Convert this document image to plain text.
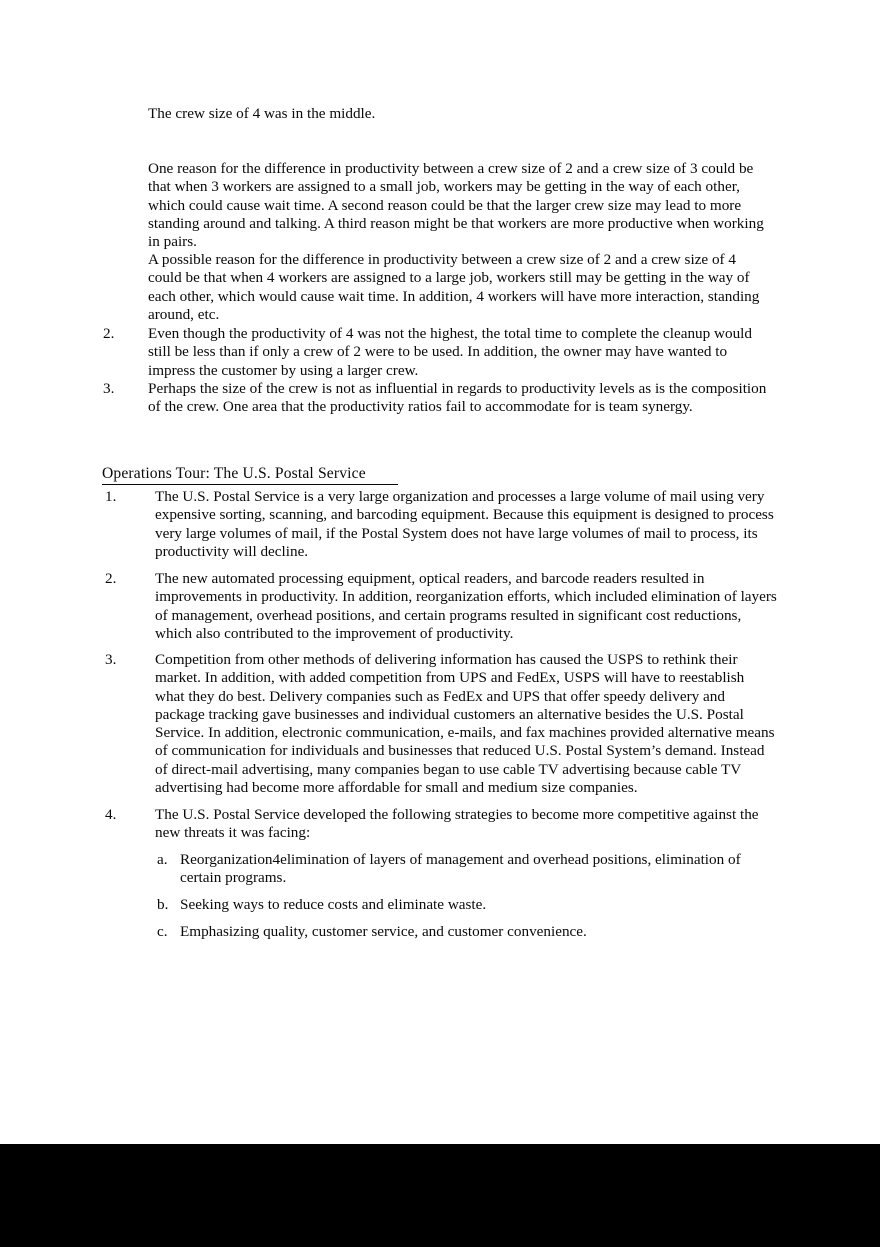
The crew size of 4 was in the middle.
One reason for the difference in productivity between a crew size of 2 and a crew size of 3 could be that when 3 workers are assigned to a small job, workers may be getting in the way of each other, which could cause wait time. A second reason could be that the larger crew size may lead to more standing around and talking. A third reason might be that workers are more productive when working in pairs.
A possible reason for the difference in productivity between a crew size of 2 and a crew size of 4 could be that when 4 workers are assigned to a large job, workers still may be getting in the way of each other, which would cause wait time. In addition, 4 workers will have more interaction, standing around, etc.
2. Even though the productivity of 4 was not the highest, the total time to complete the cleanup would still be less than if only a crew of 2 were to be used. In addition, the owner may have wanted to impress the customer by using a larger crew.
3. Perhaps the size of the crew is not as influential in regards to productivity levels as is the composition of the crew. One area that the productivity ratios fail to accommodate for is team synergy.
Operations Tour: The U.S. Postal Service
1.	The U.S. Postal Service is a very large organization and processes a large volume of mail using very expensive sorting, scanning, and barcoding equipment. Because this equipment is designed to process very large volumes of mail, if the Postal System does not have large volumes of mail to process, its productivity will decline.
2.	The new automated processing equipment, optical readers, and barcode readers resulted in improvements in productivity. In addition, reorganization efforts, which included elimination of layers of management, overhead positions, and certain programs resulted in significant cost reductions, which also contributed to the improvement of productivity.
3.	Competition from other methods of delivering information has caused the USPS to rethink their market. In addition, with added competition from UPS and FedEx, USPS will have to reestablish what they do best. Delivery companies such as FedEx and UPS that offer speedy delivery and package tracking gave businesses and individual customers an alternative besides the U.S. Postal Service. In addition, electronic communication, e-mails, and fax machines provided alternative means of communication for individuals and businesses that reduced U.S. Postal System’s demand. Instead of direct-mail advertising, many companies began to use cable TV advertising because cable TV advertising had become more affordable for small and medium size companies.
4.	The U.S. Postal Service developed the following strategies to become more competitive against the new threats it was facing:
a. Reorganization4elimination of layers of management and overhead positions, elimination of certain programs.
b. Seeking ways to reduce costs and eliminate waste.
c. Emphasizing quality, customer service, and customer convenience.
